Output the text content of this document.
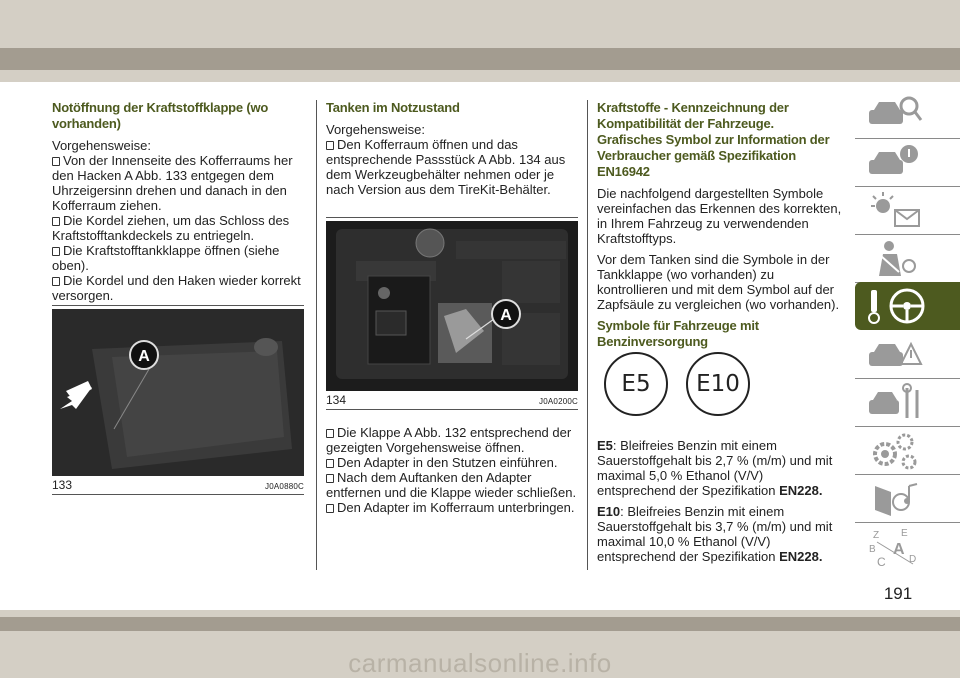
Notöffnung der Kraftstoffklappe (wo vorhanden)

Vorgehensweise:

Von der Innenseite des Kofferraums her den Hacken A Abb. 133 entgegen dem Uhrzeigersinn drehen und danach in den Kofferraum ziehen.
Die Kordel ziehen, um das Schloss des Kraftstofftankdeckels zu entriegeln.
Die Kraftstofftankklappe öffnen (siehe oben).
Die Kordel und den Haken wieder korrekt versorgen.
A
133	J0A0880C
Tanken im Notzustand

Vorgehensweise:

Den Kofferraum öffnen und das entsprechende Passstück A Abb. 134 aus dem Werkzeugbehälter nehmen oder je nach Version aus dem TireKit-Behälter.
A
134	J0A0200C
Die Klappe A Abb. 132 entsprechend der gezeigten Vorgehensweise öffnen.
Den Adapter in den Stutzen einführen.
Nach dem Auftanken den Adapter entfernen und die Klappe wieder schließen.
Den Adapter im Kofferraum unterbringen.
Kraftstoffe - Kennzeichnung der Kompatibilität der Fahrzeuge. Grafisches Symbol zur Information der Verbraucher gemäß Spezifikation EN16942

Die nachfolgend dargestellten Symbole vereinfachen das Erkennen des korrekten, in Ihrem Fahrzeug zu verwendenden Kraftstofftyps.

Vor dem Tanken sind die Symbole in der Tankklappe (wo vorhanden) zu kontrollieren und mit dem Symbol auf der Zapfsäule zu vergleichen (wo vorhanden).

Symbole für Fahrzeuge mit Benzinversorgung
E5	E10

E5: Bleifreies Benzin mit einem Sauerstoffgehalt bis 2,7 % (m/m) und mit maximal 5,0 % Ethanol (V/V) entsprechend der Spezifikation EN228.

E10: Bleifreies Benzin mit einem Sauerstoffgehalt bis 3,7 % (m/m) und mit maximal 10,0 % Ethanol (V/V) entsprechend der Spezifikation EN228.

Z E
B A
C D
191
carmanualsonline.info
